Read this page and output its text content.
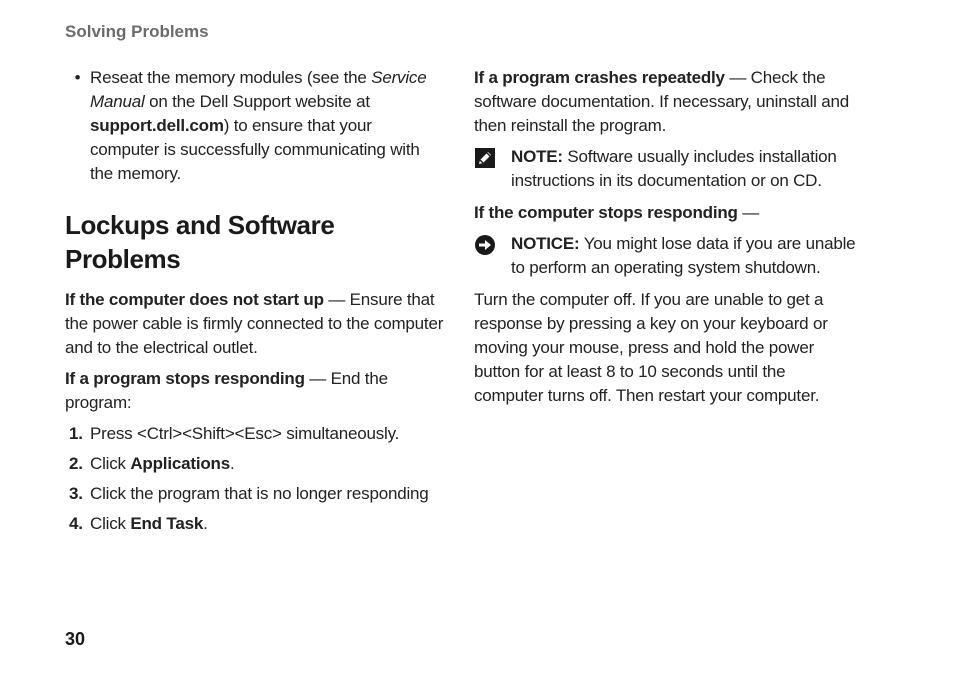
Solving Problems
• Reseat the memory modules (see the Service Manual on the Dell Support website at support.dell.com) to ensure that your computer is successfully communicating with the memory.
Lockups and Software Problems

If the computer does not start up — Ensure that the power cable is firmly connected to the computer and to the electrical outlet.

If a program stops responding — End the program:

1. Press <Ctrl><Shift><Esc> simultaneously.
2. Click Applications.
3. Click the program that is no longer responding
4. Click End Task.

If a program crashes repeatedly — Check the software documentation. If necessary, uninstall and then reinstall the program.

NOTE: Software usually includes installation instructions in its documentation or on CD.

If the computer stops responding —

NOTICE: You might lose data if you are unable to perform an operating system shutdown.

Turn the computer off. If you are unable to get a response by pressing a key on your keyboard or moving your mouse, press and hold the power button for at least 8 to 10 seconds until the computer turns off. Then restart your computer.

30
